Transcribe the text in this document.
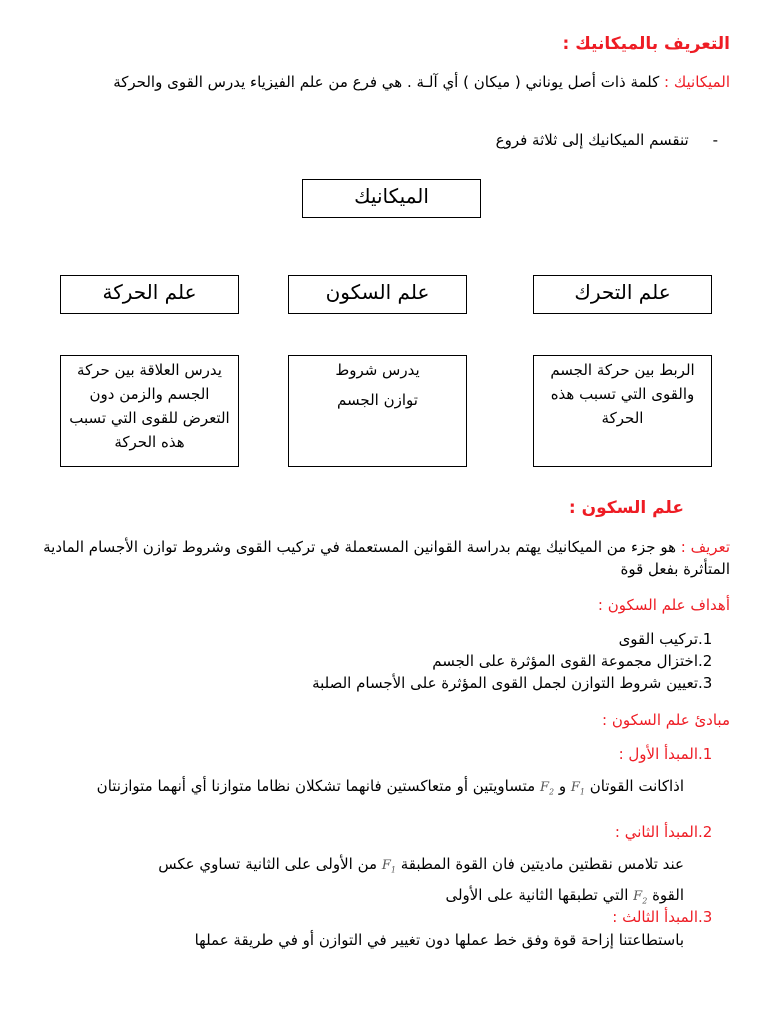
التعريف بالميكانيك :
الميكانيك : كلمة ذات أصل يوناني ( ميكان ) أي آلـة . هي فرع من علم الفيزياء يدرس القوى والحركة
-     تنقسم الميكانيك إلى ثلاثة فروع
الميكانيك
علم التحرك
علم السكون
علم الحركة
الربط بين حركة الجسم والقوى التي تسبب هذه الحركة
يدرس شروط
توازن الجسم
يدرس العلاقة بين حركة الجسم والزمن دون التعرض للقوى التي تسبب هذه الحركة
علم السكون :
تعريف : هو جزء من الميكانيك يهتم بدراسة القوانين المستعملة في تركيب القوى وشروط توازن الأجسام المادية المتأثرة بفعل قوة
أهداف علم السكون :
1.تركيب القوى
2.اختزال مجموعة القوى المؤثرة على الجسم
3.تعيين شروط التوازن لجمل القوى المؤثرة على الأجسام الصلبة
مبادئ علم السكون :
1.المبدأ الأول :
اذاكانت القوتان $F_1$ و $F_2$ متساويتين أو متعاكستين فانهما تشكلان نظاما متوازنا أي أنهما متوازنتان
2.المبدأ الثاني :
عند تلامس نقطتين ماديتين فان القوة المطبقة $F_1$ من الأولى على الثانية تساوي عكس
القوة $F_2$ التي تطبقها الثانية على الأولى
3.المبدأ الثالث :
باستطاعتنا إزاحة قوة وفق خط عملها دون تغيير في التوازن أو في طريقة عملها
